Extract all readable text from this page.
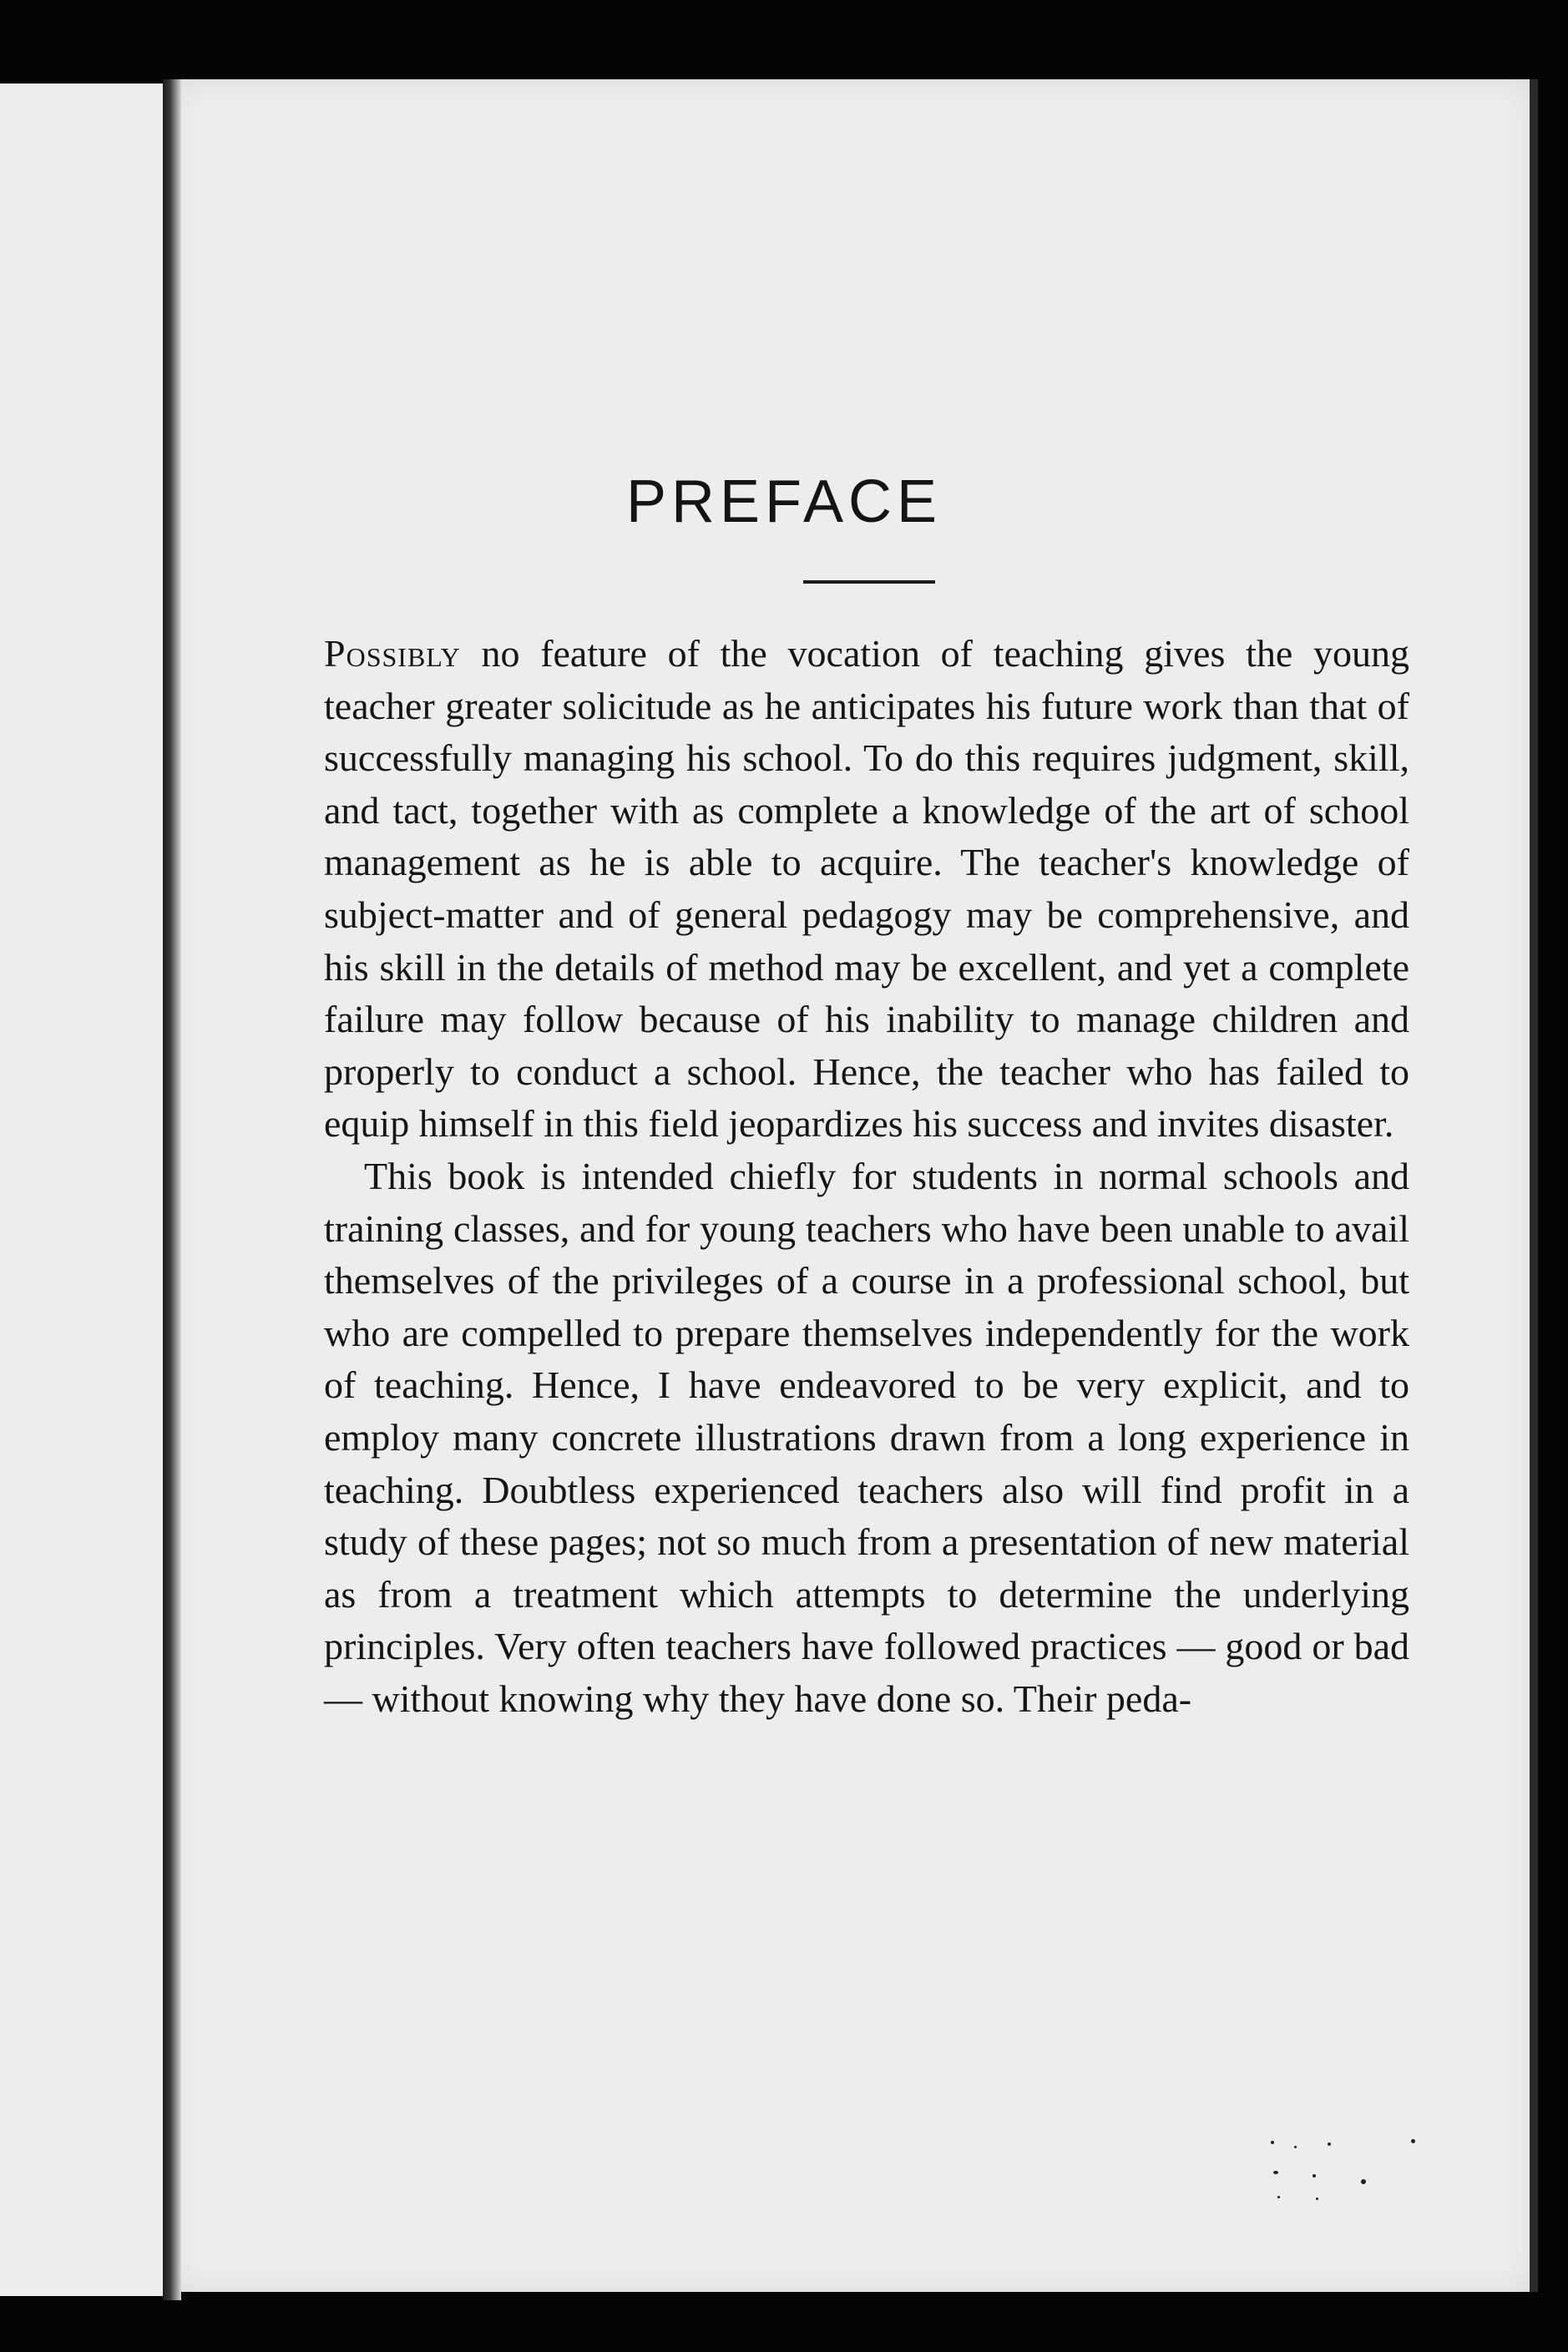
PREFACE

Possibly no feature of the vocation of teaching gives the young teacher greater solicitude as he anticipates his future work than that of successfully managing his school. To do this requires judgment, skill, and tact, together with as complete a knowledge of the art of school management as he is able to acquire. The teacher's knowledge of subject-matter and of general pedagogy may be comprehensive, and his skill in the details of method may be excellent, and yet a complete failure may follow because of his inability to manage children and properly to conduct a school. Hence, the teacher who has failed to equip himself in this field jeopardizes his success and invites disaster.

This book is intended chiefly for students in normal schools and training classes, and for young teachers who have been unable to avail themselves of the privileges of a course in a professional school, but who are compelled to prepare themselves independently for the work of teaching. Hence, I have endeavored to be very explicit, and to employ many concrete illustrations drawn from a long experience in teaching. Doubtless experienced teachers also will find profit in a study of these pages; not so much from a presentation of new material as from a treatment which attempts to determine the underlying principles. Very often teachers have followed practices — good or bad — without knowing why they have done so. Their peda-
